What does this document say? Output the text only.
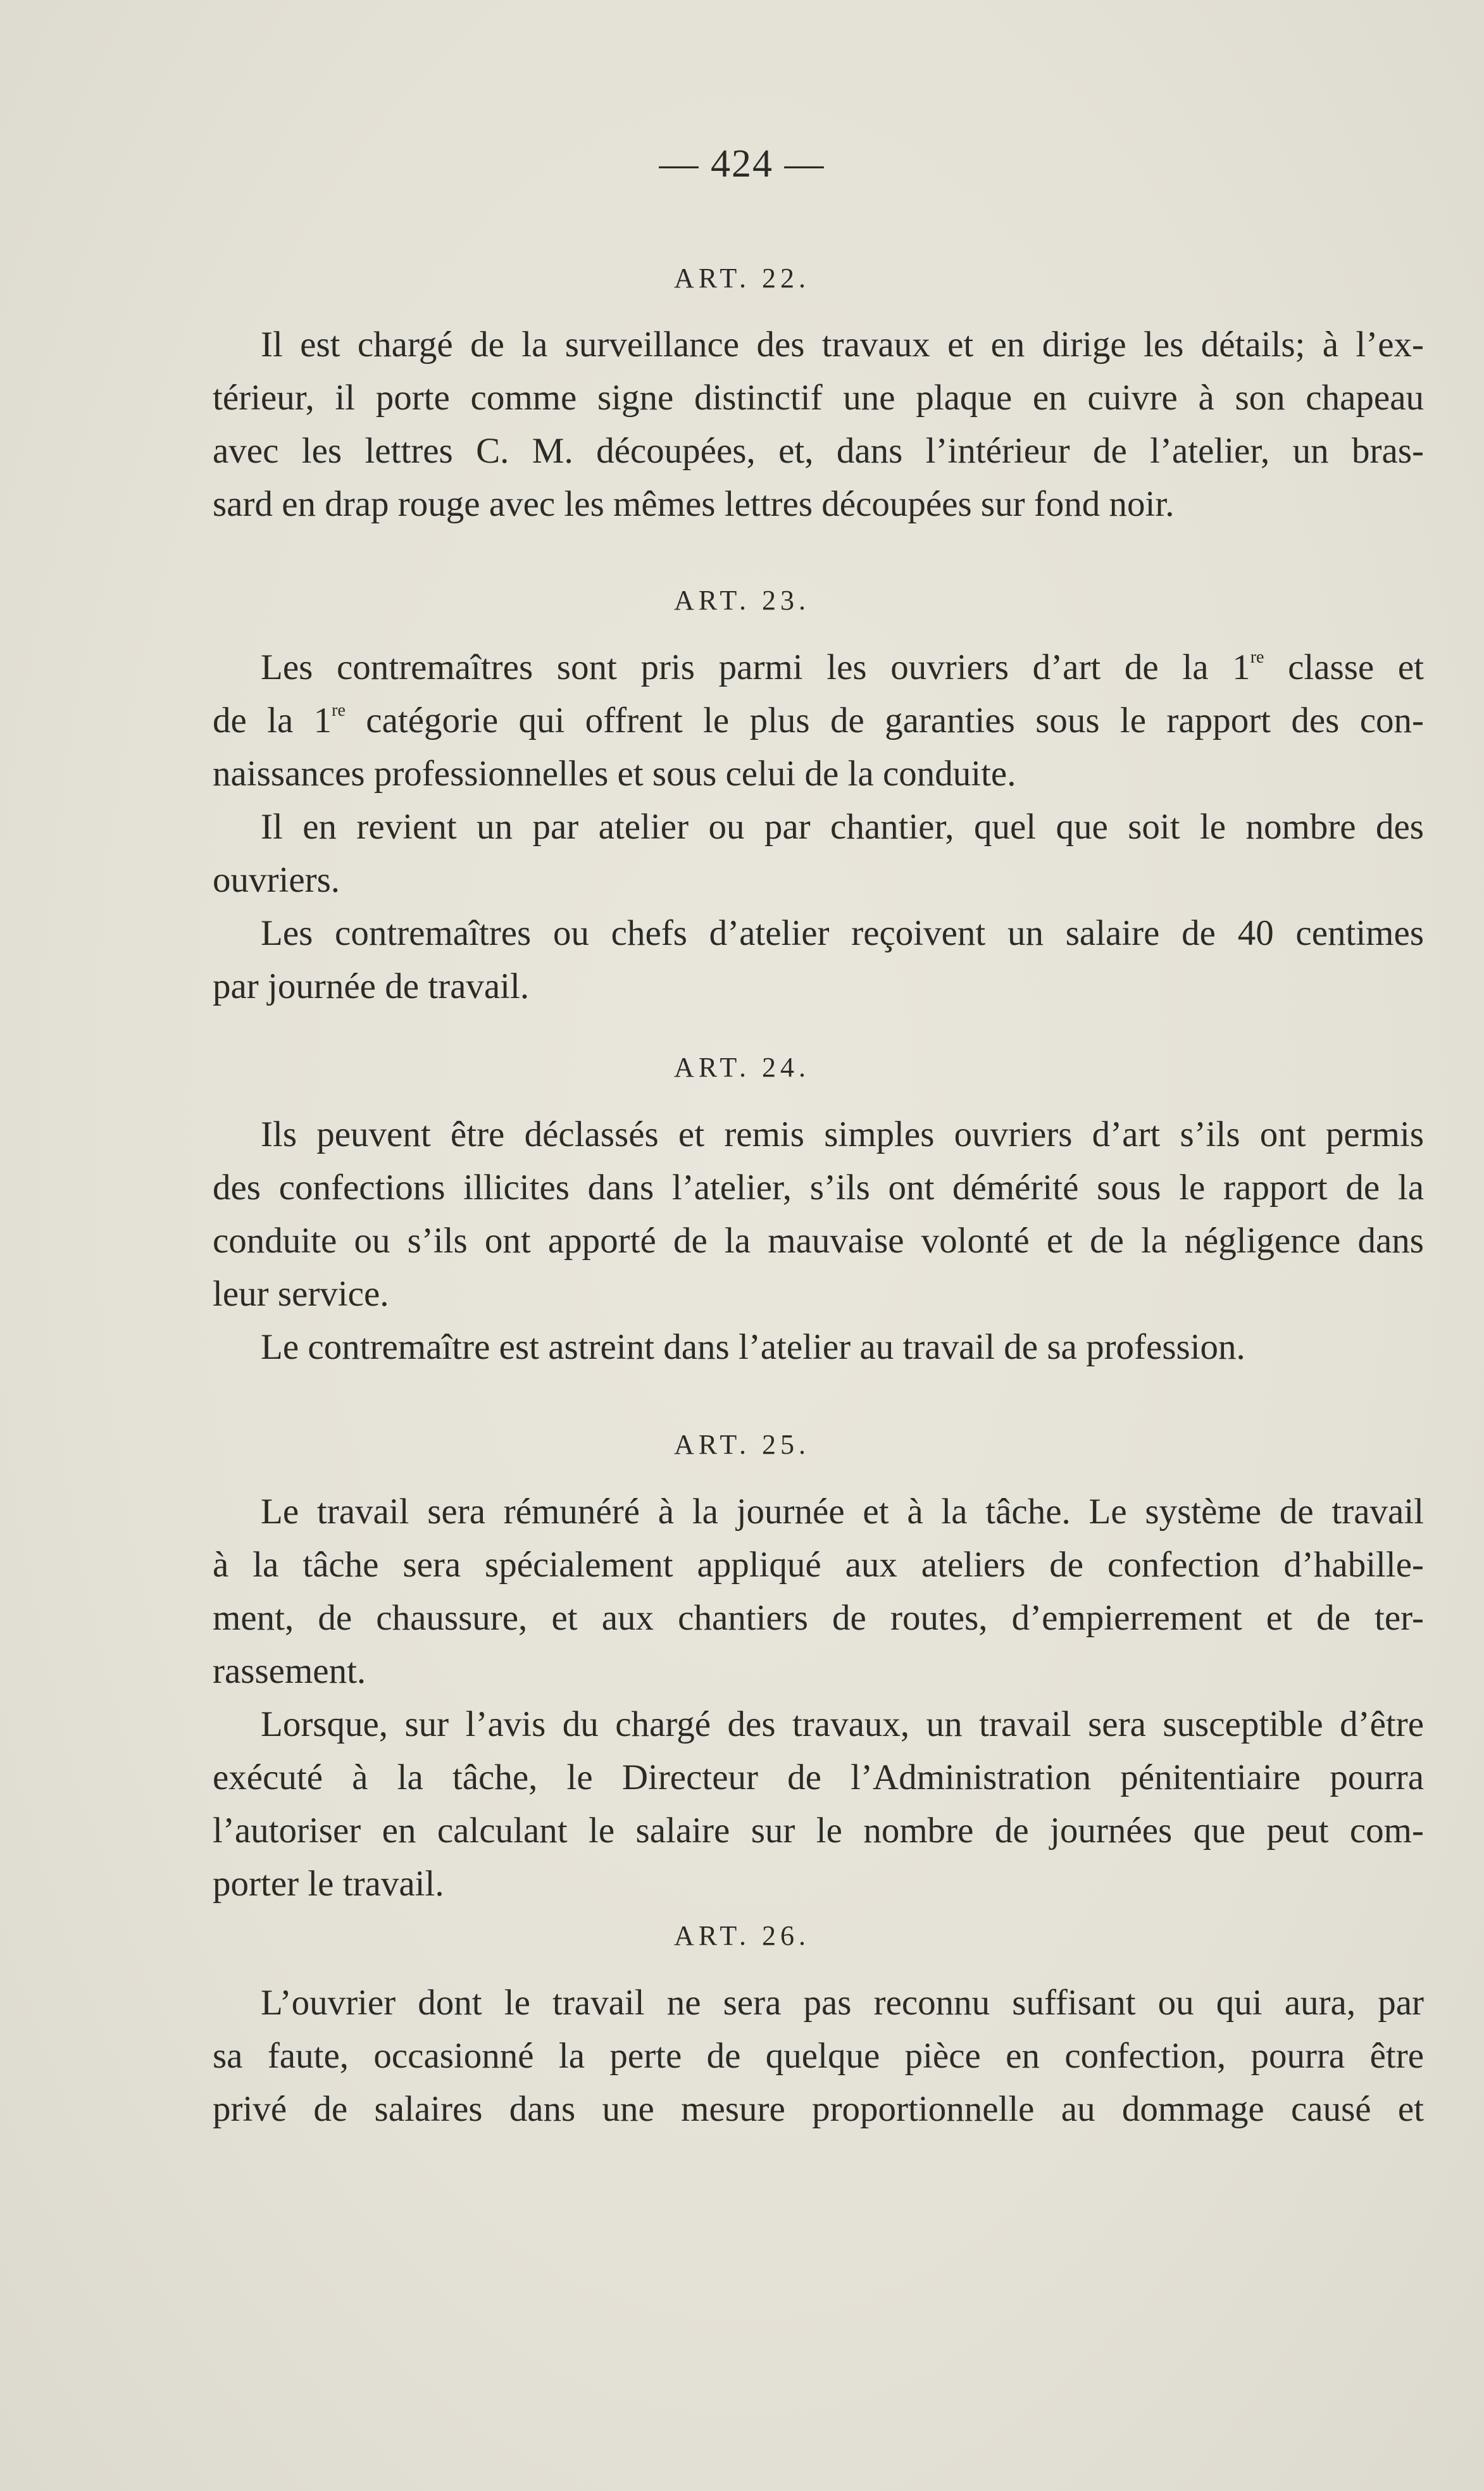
— 424 —
ART. 22.
Il est chargé de la surveillance des travaux et en dirige les détails; à l’ex-
térieur, il porte comme signe distinctif une plaque en cuivre à son chapeau
avec les lettres C. M. découpées, et, dans l’intérieur de l’atelier, un bras-
sard en drap rouge avec les mêmes lettres découpées sur fond noir.
ART. 23.
Les contremaîtres sont pris parmi les ouvriers d’art de la 1re classe et
de la 1re catégorie qui offrent le plus de garanties sous le rapport des con-
naissances professionnelles et sous celui de la conduite.
Il en revient un par atelier ou par chantier, quel que soit le nombre des
ouvriers.
Les contremaîtres ou chefs d’atelier reçoivent un salaire de 40 centimes
par journée de travail.
ART. 24.
Ils peuvent être déclassés et remis simples ouvriers d’art s’ils ont permis
des confections illicites dans l’atelier, s’ils ont démérité sous le rapport de la
conduite ou s’ils ont apporté de la mauvaise volonté et de la négligence dans
leur service.
Le contremaître est astreint dans l’atelier au travail de sa profession.
ART. 25.
Le travail sera rémunéré à la journée et à la tâche. Le système de travail
à la tâche sera spécialement appliqué aux ateliers de confection d’habille-
ment, de chaussure, et aux chantiers de routes, d’empierrement et de ter-
rassement.
Lorsque, sur l’avis du chargé des travaux, un travail sera susceptible d’être
exécuté à la tâche, le Directeur de l’Administration pénitentiaire pourra
l’autoriser en calculant le salaire sur le nombre de journées que peut com-
porter le travail.
ART. 26.
L’ouvrier dont le travail ne sera pas reconnu suffisant ou qui aura, par
sa faute, occasionné la perte de quelque pièce en confection, pourra être
privé de salaires dans une mesure proportionnelle au dommage causé et
